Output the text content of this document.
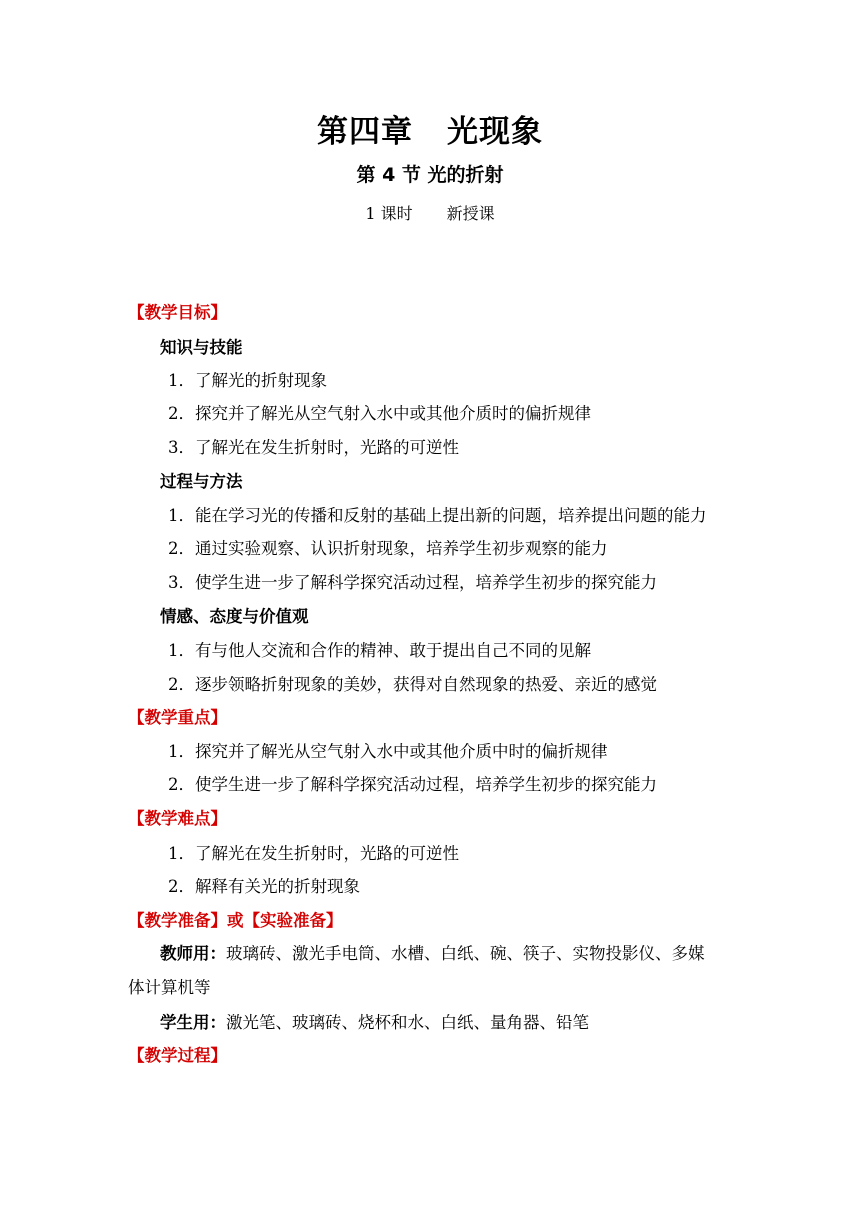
第四章 光现象
第 4 节 光的折射
1 课时 新授课
【教学目标】
知识与技能
1．了解光的折射现象
2．探究并了解光从空气射入水中或其他介质时的偏折规律
3．了解光在发生折射时，光路的可逆性
过程与方法
1．能在学习光的传播和反射的基础上提出新的问题，培养提出问题的能力
2．通过实验观察、认识折射现象，培养学生初步观察的能力
3．使学生进一步了解科学探究活动过程，培养学生初步的探究能力
情感、态度与价值观
1．有与他人交流和合作的精神、敢于提出自己不同的见解
2．逐步领略折射现象的美妙，获得对自然现象的热爱、亲近的感觉
【教学重点】
1．探究并了解光从空气射入水中或其他介质中时的偏折规律
2．使学生进一步了解科学探究活动过程，培养学生初步的探究能力
【教学难点】
1．了解光在发生折射时，光路的可逆性
2．解释有关光的折射现象
【教学准备】或【实验准备】
教师用：玻璃砖、激光手电筒、水槽、白纸、碗、筷子、实物投影仪、多媒
体计算机等
学生用：激光笔、玻璃砖、烧杯和水、白纸、量角器、铅笔
【教学过程】
